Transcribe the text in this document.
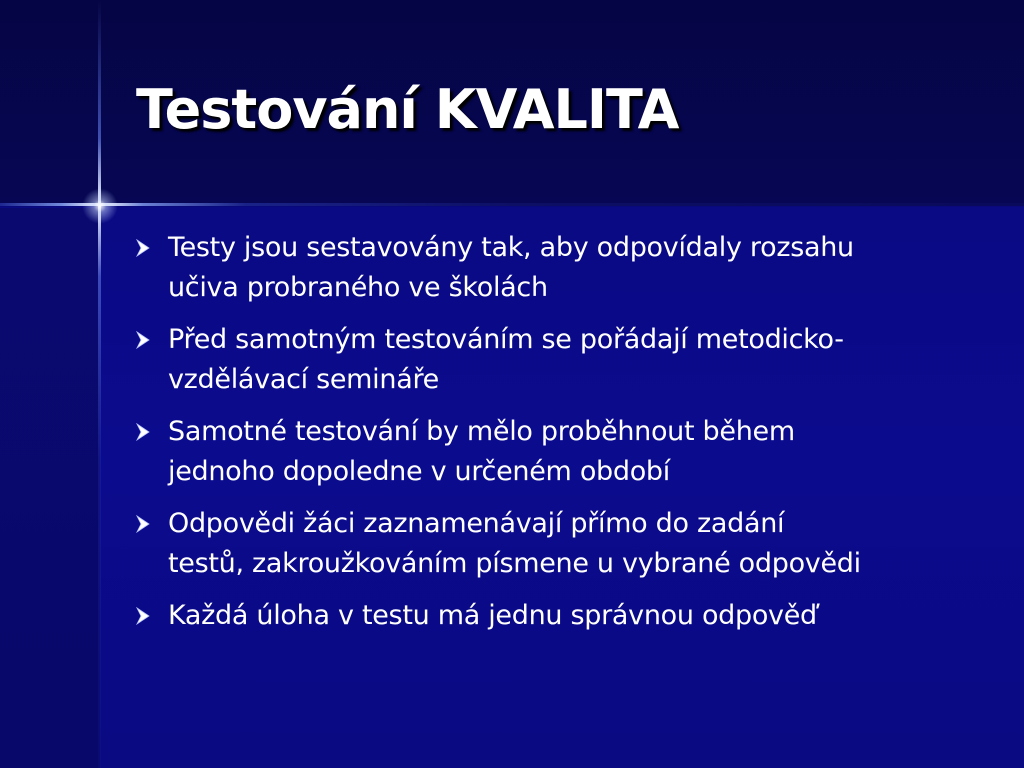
Testování KVALITA
Testy jsou sestavovány tak, aby odpovídaly rozsahu
učiva probraného ve školách
Před samotným testováním se pořádají metodicko-
vzdělávací semináře
Samotné testování by mělo proběhnout během
jednoho dopoledne v určeném období
Odpovědi žáci zaznamenávají přímo do zadání
testů, zakroužkováním písmene u vybrané odpovědi
Každá úloha v testu má jednu správnou odpověď
